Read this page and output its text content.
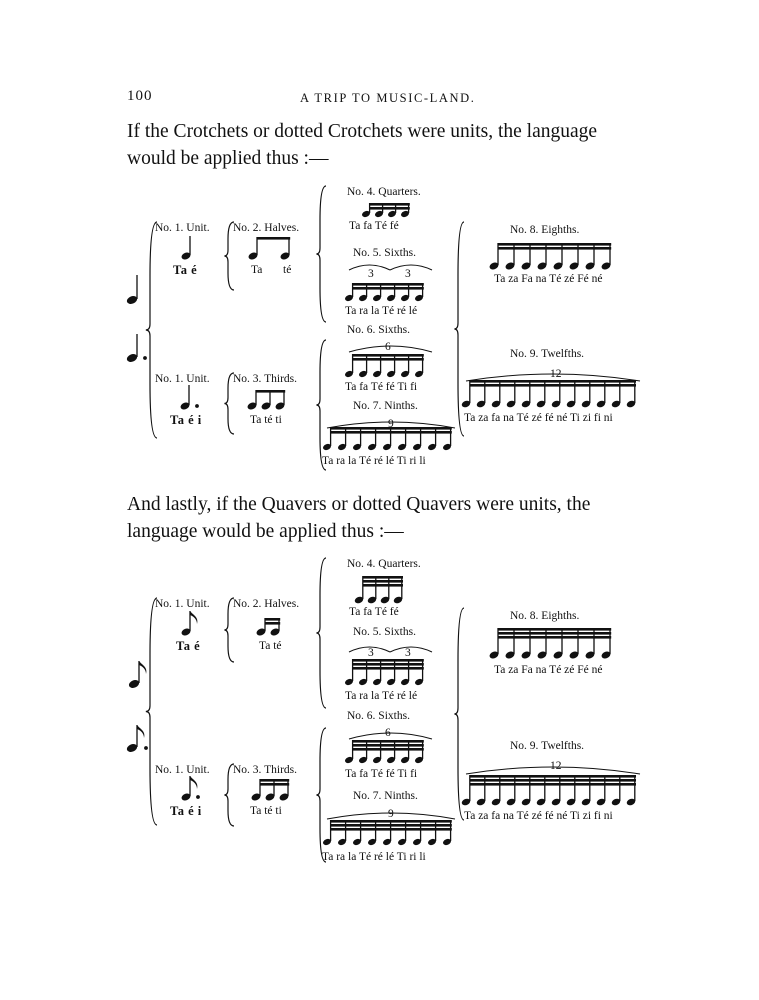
100	A TRIP TO MUSIC-LAND.
If the Crotchets or dotted Crotchets were units, the language would be applied thus :—
And lastly, if the Quavers or dotted Quavers were units, the language would be applied thus :—
No. 1. Unit.
Ta é
No. 2. Halves.
Ta té
No. 4. Quarters.
Ta fa Té fé
No. 5. Sixths.
3	3
Ta ra la Té ré lé
No. 8. Eighths.
Ta za Fa na Té zé Fé né
No. 6. Sixths.
6
Ta fa Té fé Ti fi
No. 7. Ninths.
9
Ta ra la Té ré lé Ti ri li
No. 1. Unit.
Ta é i
No. 3. Thirds.
Ta té ti
No. 9. Twelfths.
12
Ta za fa na Té zé fé né Ti zi fi ni
No. 1. Unit.
Ta é
No. 2. Halves.
Ta té
No. 4. Quarters.
Ta fa Té fé
No. 5. Sixths.
3	3
Ta ra la Té ré lé
No. 8. Eighths.
Ta za Fa na Té zé Fé né
No. 6. Sixths.
6
Ta fa Té fé Ti fi
No. 7. Ninths.
9
Ta ra la Té ré lé Ti ri li
No. 1. Unit.
Ta é i
No. 3. Thirds.
Ta té ti
No. 9. Twelfths.
12
Ta za fa na Té zé fé né Ti zi fi ni
